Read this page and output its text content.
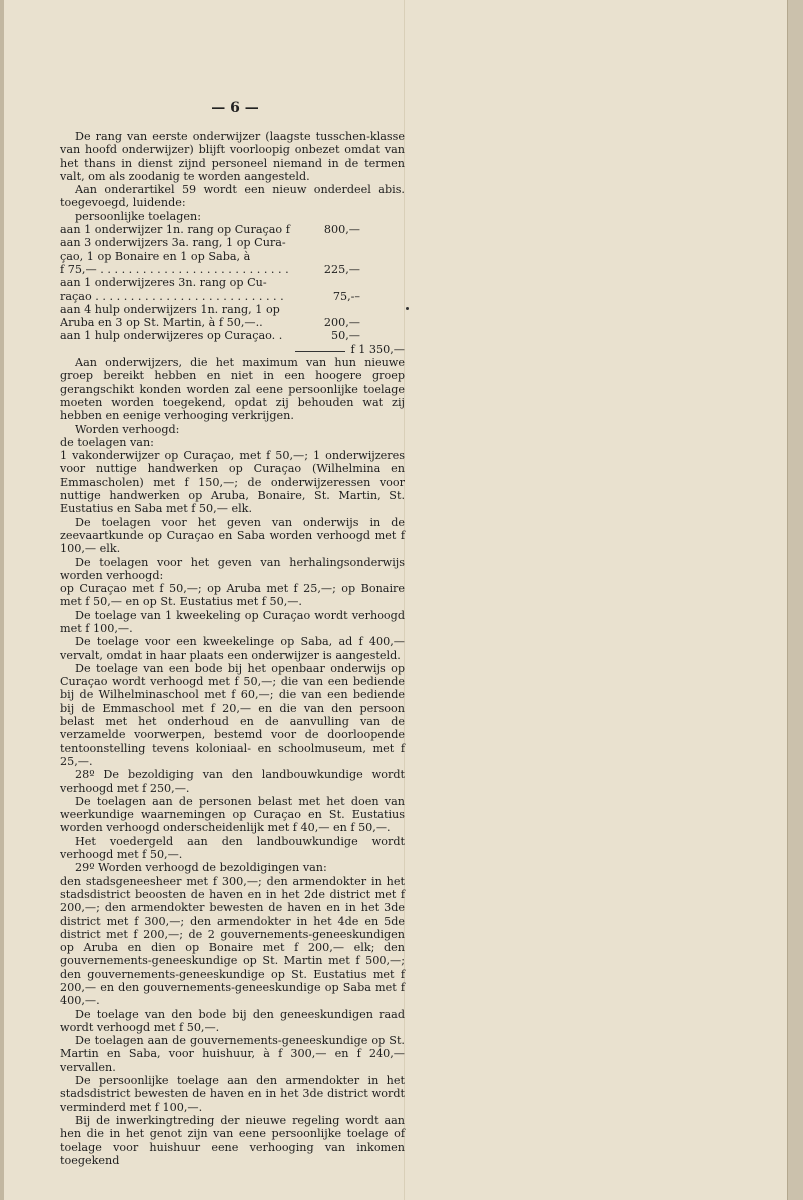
— 6 —

De rang van eerste onderwijzer (laagste tusschen-klasse van hoofd onderwijzer) blijft voorloopig onbezet omdat van het thans in dienst zijnd personeel niemand in de termen valt, om als zoodanig te worden aangesteld.

Aan onderartikel 59 wordt een nieuw onderdeel abis. toegevoegd, luidende:

persoonlijke toelagen:

aan 1 onderwijzer 1n. rang op Curaçao f	800,—
aan 3 onderwijzers 3a. rang, 1 op Cura-
çao, 1 op Bonaire en 1 op Saba, à
f 75,— . . . . . . . . . . . . . . . . . . . . . . . . . . .	225,—
aan 1 onderwijzeres 3n. rang op Cu-
raçao . . . . . . . . . . . . . . . . . . . . . . . . . . .	75,-–
aan 4 hulp onderwijzers 1n. rang, 1 op
Aruba en 3 op St. Martin, à f 50,—..	200,—
aan 1 hulp onderwijzeres op Curaçao. .	50,—
f 1 350,—

Aan onderwijzers, die het maximum van hun nieuwe groep bereikt hebben en niet in een hoogere groep gerangschikt konden worden zal eene persoonlijke toelage moeten worden toegekend, opdat zij behouden wat zij hebben en eenige verhooging verkrijgen.

Worden verhoogd:

de toelagen van:

1 vakonderwijzer op Curaçao, met f 50,—; 1 onderwijzeres voor nuttige handwerken op Curaçao (Wilhelmina en Emmascholen) met f 150,—; de onderwijzeressen voor nuttige handwerken op Aruba, Bonaire, St. Martin, St. Eustatius en Saba met f 50,— elk.

De toelagen voor het geven van onderwijs in de zeevaartkunde op Curaçao en Saba worden verhoogd met f 100,— elk.

De toelagen voor het geven van herhalingsonderwijs worden verhoogd:

op Curaçao met f 50,—; op Aruba met f 25,—; op Bonaire met f 50,— en op St. Eustatius met f 50,—.

De toelage van 1 kweekeling op Curaçao wordt verhoogd met f 100,—.

De toelage voor een kweekelinge op Saba, ad f 400,— vervalt, omdat in haar plaats een onderwijzer is aangesteld.

De toelage van een bode bij het openbaar onderwijs op Curaçao wordt verhoogd met f 50,—; die van een bediende bij de Wilhelminaschool met f 60,—; die van een bediende bij de Emmaschool met f 20,— en die van den persoon belast met het onderhoud en de aanvulling van de verzamelde voorwerpen, bestemd voor de doorloopende tentoonstelling tevens koloniaal- en schoolmuseum, met f 25,—.

28º De bezoldiging van den landbouwkundige wordt verhoogd met f 250,—.

De toelagen aan de personen belast met het doen van weerkundige waarnemingen op Curaçao en St. Eustatius worden verhoogd onderscheidenlijk met f 40,— en f 50,—.

Het voedergeld aan den landbouwkundige wordt verhoogd met f 50,—.

29º Worden verhoogd de bezoldigingen van:

den stadsgeneesheer met f 300,—; den armendokter in het stadsdistrict beoosten de haven en in het 2de district met f 200,—; den armendokter bewesten de haven en in het 3de district met f 300,—; den armendokter in het 4de en 5de district met f 200,—; de 2 gouvernements-geneeskundigen op Aruba en dien op Bonaire met f 200,— elk; den gouvernements-geneeskundige op St. Martin met f 500,—; den gouvernements-geneeskundige op St. Eustatius met f 200,— en den gouvernements-geneeskundige op Saba met f 400,—.

De toelage van den bode bij den geneeskundigen raad wordt verhoogd met f 50,—.

De toelagen aan de gouvernements-geneeskundige op St. Martin en Saba, voor huishuur, à f 300,— en f 240,— vervallen.

De persoonlijke toelage aan den armendokter in het stadsdistrict bewesten de haven en in het 3de district wordt verminderd met f 100,—.

Bij de inwerkingtreding der nieuwe regeling wordt aan hen die in het genot zijn van eene persoonlijke toelage of toelage voor huishuur eene verhooging van inkomen toegekend
